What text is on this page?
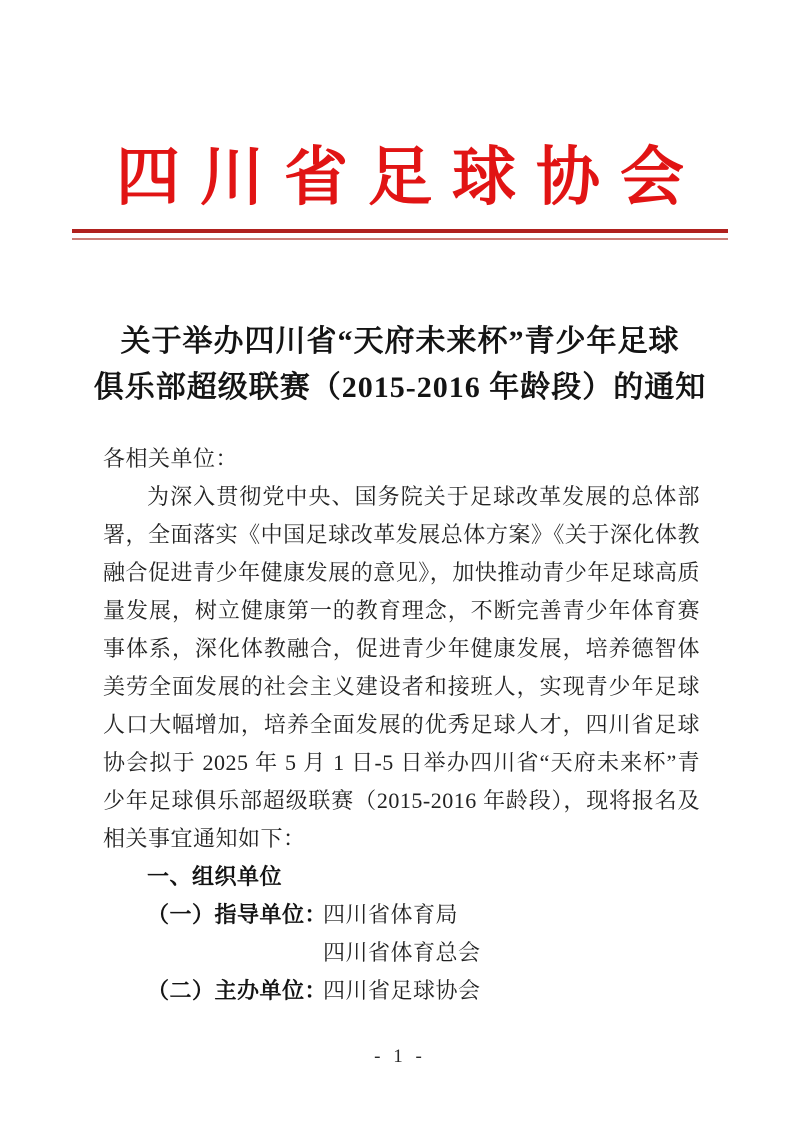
四川省足球协会
关于举办四川省“天府未来杯”青少年足球
俱乐部超级联赛（2015-2016 年龄段）的通知

各相关单位：

为深入贯彻党中央、国务院关于足球改革发展的总体部署，全面落实《中国足球改革发展总体方案》《关于深化体教融合促进青少年健康发展的意见》，加快推动青少年足球高质量发展，树立健康第一的教育理念，不断完善青少年体育赛事体系，深化体教融合，促进青少年健康发展，培养德智体美劳全面发展的社会主义建设者和接班人，实现青少年足球人口大幅增加，培养全面发展的优秀足球人才，四川省足球协会拟于 2025 年 5 月 1 日-5 日举办四川省“天府未来杯”青少年足球俱乐部超级联赛（2015-2016 年龄段），现将报名及相关事宜通知如下：

一、组织单位

（一）指导单位：四川省体育局

四川省体育总会

（二）主办单位：四川省足球协会

- 1 -
